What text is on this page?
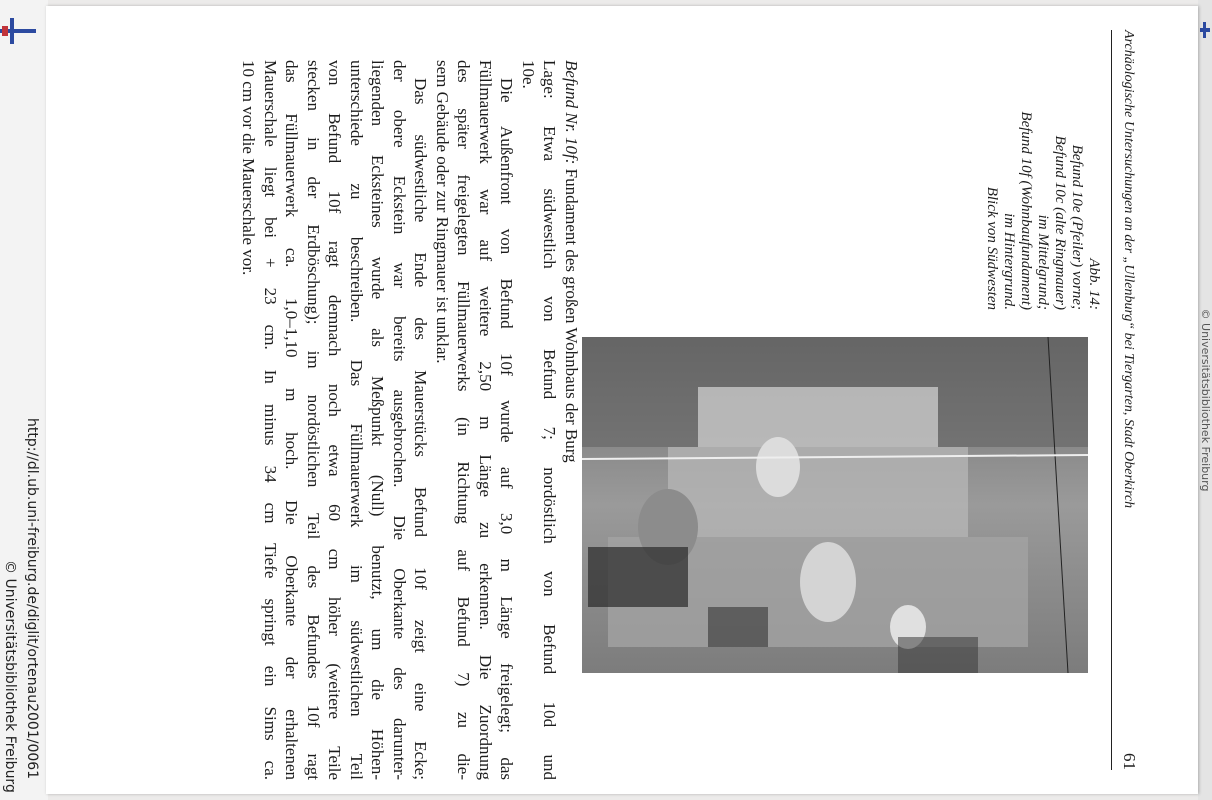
© Universitätsbibliothek Freiburg
Archäologische Untersuchungen an der „Ullenburg“ bei Tiergarten, Stadt Oberkirch
61
Abb. 14:
Befund 10e (Pfeiler) vorne;
Befund 10c (alte Ringmauer)
im Mittelgrund;
Befund 10f (Wohnbaufundament)
im Hintergrund.
Blick von Südwesten

Befund Nr. 10f: Fundament des großen Wohnbaus der Burg

Lage: Etwa südwestlich von Befund 7; nordöstlich von Befund 10d und
10e.

Die Außenfront von Befund 10f wurde auf 3,0 m Länge freigelegt; das
Füllmauerwerk war auf weitere 2,50 m Länge zu erkennen. Die Zuordnung
des später freigelegten Füllmauerwerks (in Richtung auf Befund 7) zu die-
sem Gebäude oder zur Ringmauer ist unklar.

Das südwestliche Ende des Mauerstücks Befund 10f zeigt eine Ecke;
der obere Eckstein war bereits ausgebrochen. Die Oberkante des darunter-
liegenden Ecksteines wurde als Meßpunkt (Null) benutzt, um die Höhen-
unterschiede zu beschreiben. Das Füllmauerwerk im südwestlichen Teil
von Befund 10f ragt demnach noch etwa 60 cm höher (weitere Teile
stecken in der Erdböschung); im nordöstlichen Teil des Befundes 10f ragt
das Füllmauerwerk ca. 1,0–1,10 m hoch. Die Oberkante der erhaltenen
Mauerschale liegt bei + 23 cm. In minus 34 cm Tiefe springt ein Sims ca.
10 cm vor die Mauerschale vor.

http://dl.ub.uni-freiburg.de/diglit/ortenau2001/0061
© Universitätsbibliothek Freiburg
